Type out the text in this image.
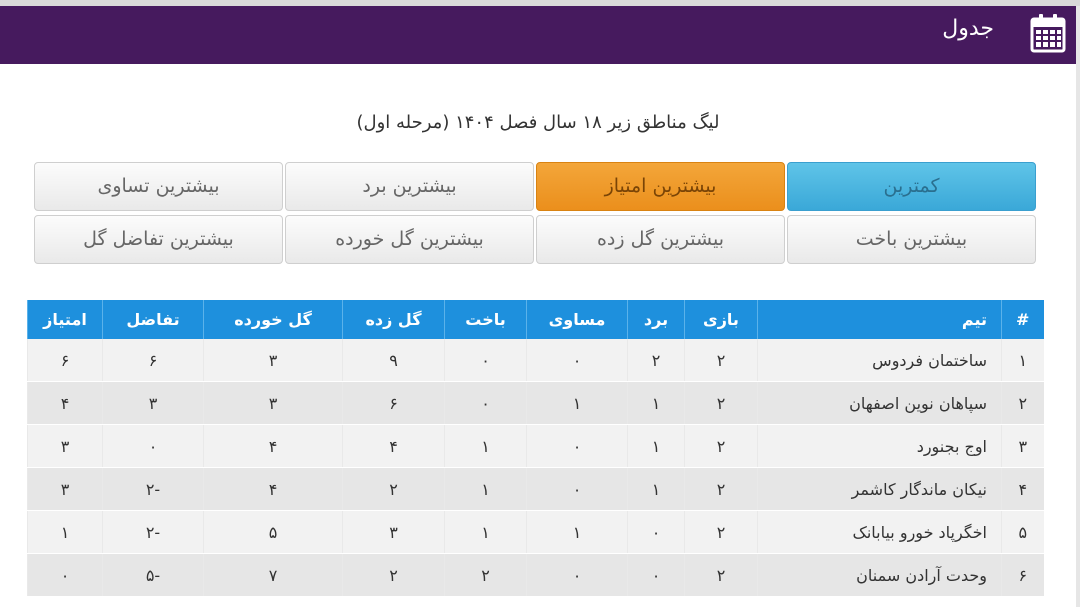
جدول
لیگ مناطق زیر ۱۸ سال فصل ۱۴۰۴ (مرحله اول)
کمترین
بیشترین امتیاز
بیشترین برد
بیشترین تساوی
بیشترین باخت
بیشترین گل زده
بیشترین گل خورده
بیشترین تفاضل گل
#	تیم	بازی	برد	مساوی	باخت	گل زده	گل خورده	تفاضل	امتیاز
۱	ساختمان فردوس	۲	۲	۰	۰	۹	۳	۶	۶
۲	سپاهان نوین اصفهان	۲	۱	۱	۰	۶	۳	۳	۴
۳	اوج بجنورد	۲	۱	۰	۱	۴	۴	۰	۳
۴	نیکان ماندگار کاشمر	۲	۱	۰	۱	۲	۴	-۲	۳
۵	اخگرپاد خورو بیابانک	۲	۰	۱	۱	۳	۵	-۲	۱
۶	وحدت آرادن سمنان	۲	۰	۰	۲	۲	۷	-۵	۰
